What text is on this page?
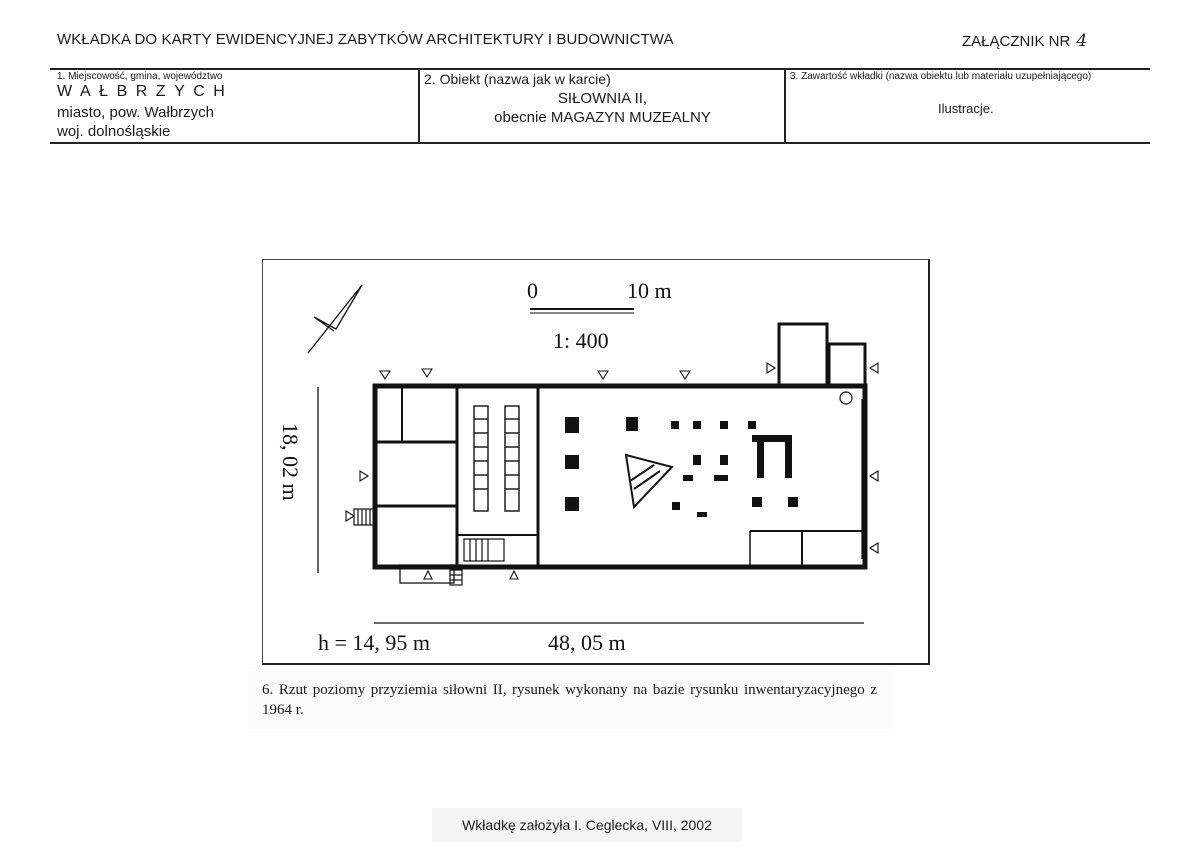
WKŁADKA DO KARTY EWIDENCYJNEJ ZABYTKÓW ARCHITEKTURY I BUDOWNICTWA	ZAŁĄCZNIK NR 4
1. Miejscowość, gmina, województwo
WAŁBRZYCH
miasto, pow. Wałbrzych
woj. dolnośląskie
2. Obiekt (nazwa jak w karcie)
SIŁOWNIA II,
obecnie MAGAZYN MUZEALNY
3. Zawartość wkładki (nazwa obiektu lub materiału uzupełniającego)
Ilustracje.
0	10 m
1: 400
18, 02 m
h = 14, 95 m	48, 05 m
6. Rzut poziomy przyziemia siłowni II, rysunek wykonany na bazie rysunku inwentaryzacyjnego z 1964 r.
Wkładkę założyła I. Ceglecka, VIII, 2002
